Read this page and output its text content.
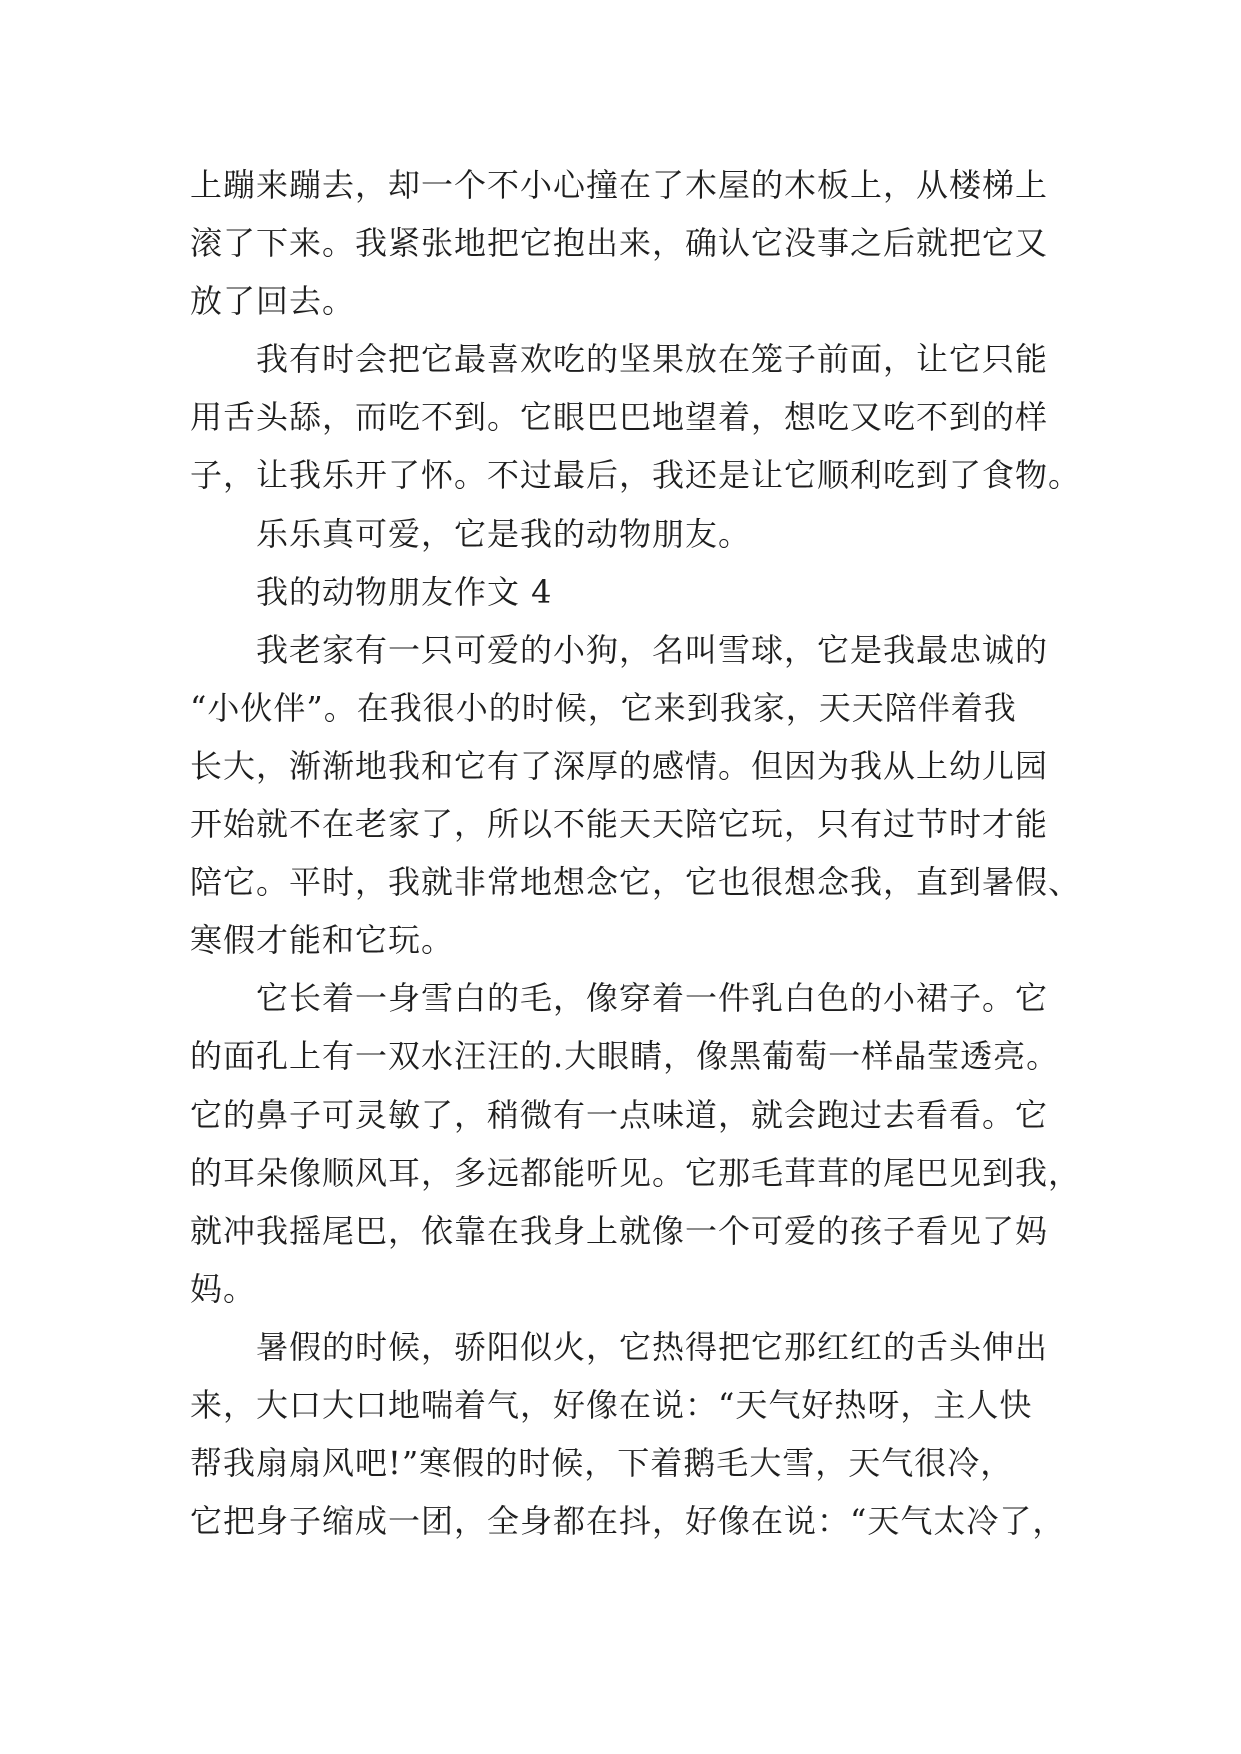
上蹦来蹦去，却一个不小心撞在了木屋的木板上，从楼梯上
滚了下来。我紧张地把它抱出来，确认它没事之后就把它又
放了回去。
我有时会把它最喜欢吃的坚果放在笼子前面，让它只能
用舌头舔，而吃不到。它眼巴巴地望着，想吃又吃不到的样
子，让我乐开了怀。不过最后，我还是让它顺利吃到了食物。
乐乐真可爱，它是我的动物朋友。
我的动物朋友作文 4
我老家有一只可爱的小狗，名叫雪球，它是我最忠诚的
“小伙伴”。在我很小的时候，它来到我家，天天陪伴着我
长大，渐渐地我和它有了深厚的感情。但因为我从上幼儿园
开始就不在老家了，所以不能天天陪它玩，只有过节时才能
陪它。平时，我就非常地想念它，它也很想念我，直到暑假、
寒假才能和它玩。
它长着一身雪白的毛，像穿着一件乳白色的小裙子。它
的面孔上有一双水汪汪的.大眼睛，像黑葡萄一样晶莹透亮。
它的鼻子可灵敏了，稍微有一点味道，就会跑过去看看。它
的耳朵像顺风耳，多远都能听见。它那毛茸茸的尾巴见到我，
就冲我摇尾巴，依靠在我身上就像一个可爱的孩子看见了妈
妈。
暑假的时候，骄阳似火，它热得把它那红红的舌头伸出
来，大口大口地喘着气，好像在说：“天气好热呀，主人快
帮我扇扇风吧!”寒假的时候，下着鹅毛大雪，天气很冷，
它把身子缩成一团，全身都在抖，好像在说：“天气太冷了，
